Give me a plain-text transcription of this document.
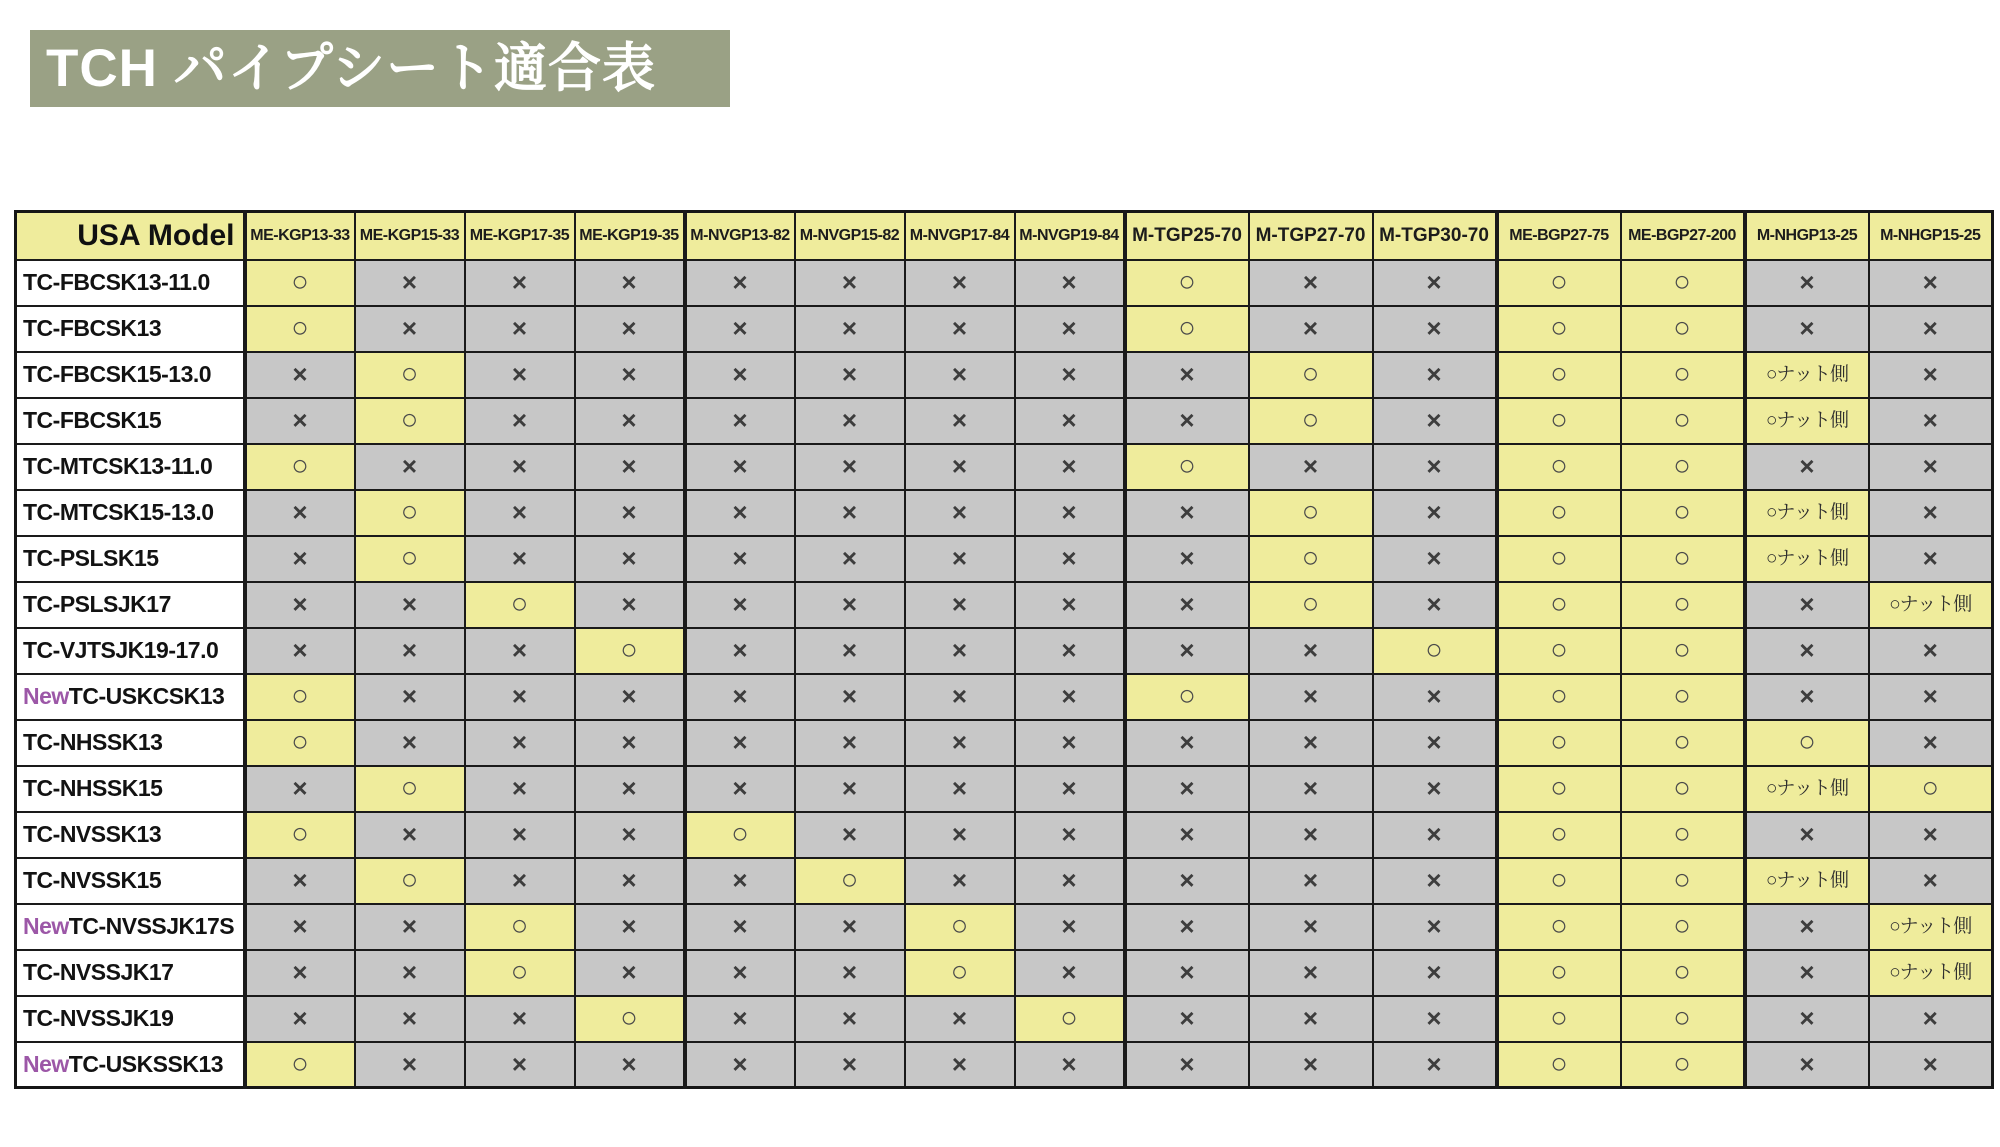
TCH パイプシート適合表
USA Model	ME-KGP13-33	ME-KGP15-33	ME-KGP17-35	ME-KGP19-35	M-NVGP13-82	M-NVGP15-82	M-NVGP17-84	M-NVGP19-84	M-TGP25-70	M-TGP27-70	M-TGP30-70	ME-BGP27-75	ME-BGP27-200	M-NHGP13-25	M-NHGP15-25
TC-FBCSK13-11.0	○	×	×	×	×	×	×	×	○	×	×	○	○	×	×
TC-FBCSK13	○	×	×	×	×	×	×	×	○	×	×	○	○	×	×
TC-FBCSK15-13.0	×	○	×	×	×	×	×	×	×	○	×	○	○	○ナット側	×
TC-FBCSK15	×	○	×	×	×	×	×	×	×	○	×	○	○	○ナット側	×
TC-MTCSK13-11.0	○	×	×	×	×	×	×	×	○	×	×	○	○	×	×
TC-MTCSK15-13.0	×	○	×	×	×	×	×	×	×	○	×	○	○	○ナット側	×
TC-PSLSK15	×	○	×	×	×	×	×	×	×	○	×	○	○	○ナット側	×
TC-PSLSJK17	×	×	○	×	×	×	×	×	×	○	×	○	○	×	○ナット側
TC-VJTSJK19-17.0	×	×	×	○	×	×	×	×	×	×	○	○	○	×	×
NewTC-USKCSK13	○	×	×	×	×	×	×	×	○	×	×	○	○	×	×
TC-NHSSK13	○	×	×	×	×	×	×	×	×	×	×	○	○	○	×
TC-NHSSK15	×	○	×	×	×	×	×	×	×	×	×	○	○	○ナット側	○
TC-NVSSK13	○	×	×	×	○	×	×	×	×	×	×	○	○	×	×
TC-NVSSK15	×	○	×	×	×	○	×	×	×	×	×	○	○	○ナット側	×
NewTC-NVSSJK17S	×	×	○	×	×	×	○	×	×	×	×	○	○	×	○ナット側
TC-NVSSJK17	×	×	○	×	×	×	○	×	×	×	×	○	○	×	○ナット側
TC-NVSSJK19	×	×	×	○	×	×	×	○	×	×	×	○	○	×	×
NewTC-USKSSK13	○	×	×	×	×	×	×	×	×	×	×	○	○	×	×
